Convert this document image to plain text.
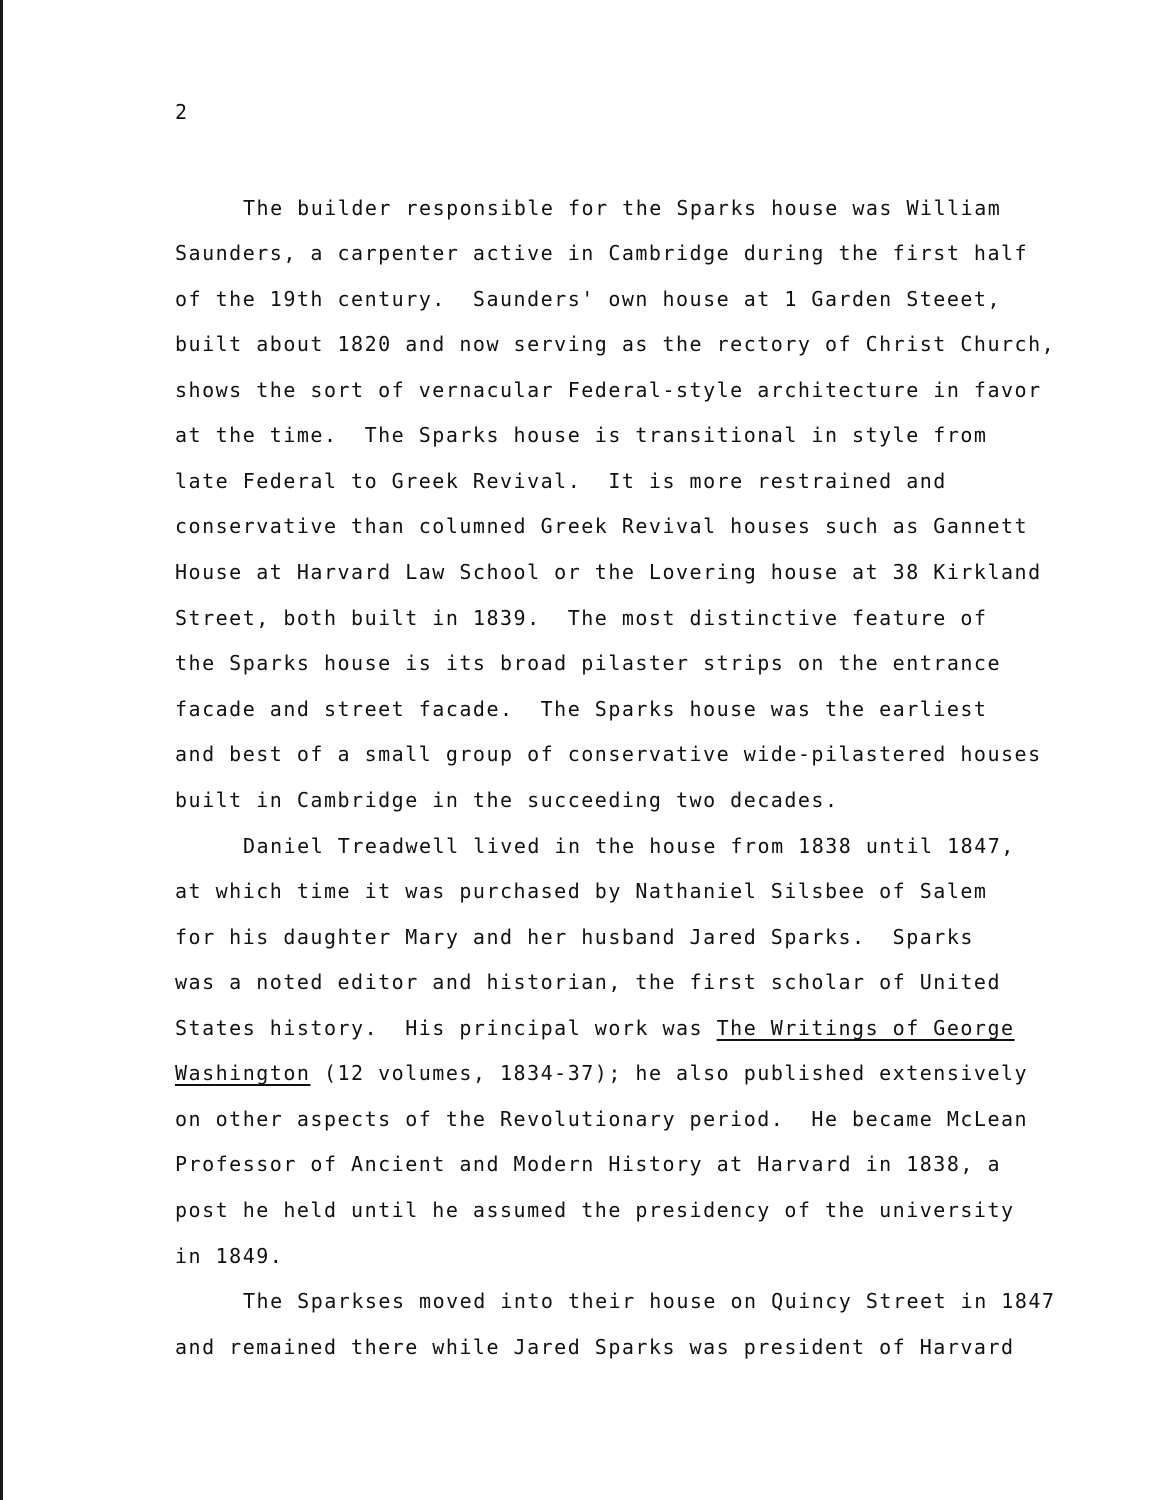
2
The builder responsible for the Sparks house was William
Saunders, a carpenter active in Cambridge during the first half
of the 19th century.  Saunders' own house at 1 Garden Steeet,
built about 1820 and now serving as the rectory of Christ Church,
shows the sort of vernacular Federal-style architecture in favor
at the time.  The Sparks house is transitional in style from
late Federal to Greek Revival.  It is more restrained and
conservative than columned Greek Revival houses such as Gannett
House at Harvard Law School or the Lovering house at 38 Kirkland
Street, both built in 1839.  The most distinctive feature of
the Sparks house is its broad pilaster strips on the entrance
facade and street facade.  The Sparks house was the earliest
and best of a small group of conservative wide-pilastered houses
built in Cambridge in the succeeding two decades.
Daniel Treadwell lived in the house from 1838 until 1847,
at which time it was purchased by Nathaniel Silsbee of Salem
for his daughter Mary and her husband Jared Sparks.  Sparks
was a noted editor and historian, the first scholar of United
States history.  His principal work was The Writings of George
Washington (12 volumes, 1834-37); he also published extensively
on other aspects of the Revolutionary period.  He became McLean
Professor of Ancient and Modern History at Harvard in 1838, a
post he held until he assumed the presidency of the university
in 1849.
The Sparkses moved into their house on Quincy Street in 1847
and remained there while Jared Sparks was president of Harvard
